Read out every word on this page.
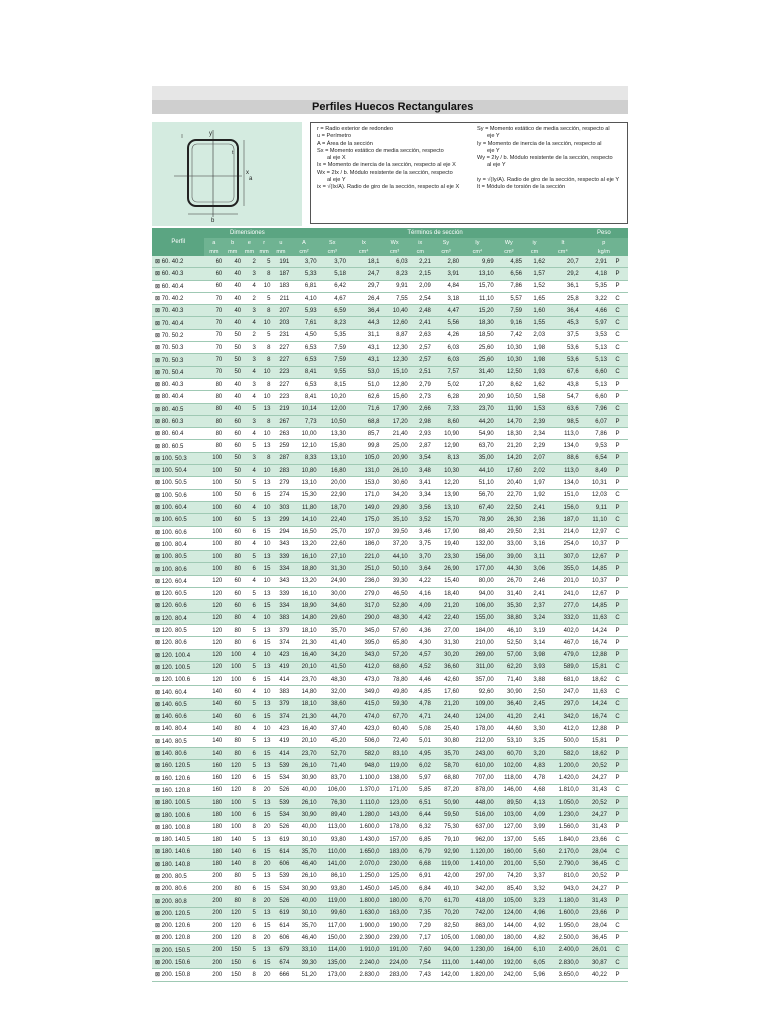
Perfiles Huecos Rectangulares
y
x
a
b
t
r
r = Radio exterior de redondeo
u = Perímetro
A = Área de la sección
Sx = Momento estático de media sección, respecto
al eje X
Ix = Momento de inercia de la sección, respecto al eje X
Wx = 2Ix / b. Módulo resistente de la sección, respecto
al eje Y
ix = √(Ix/A). Radio de giro de la sección, respecto al eje X
Sy = Momento estático de media sección, respecto al
eje Y
Iy = Momento de inercia de la sección, respecto al
eje Y
Wy = 2Iy / b. Módulo resistente de la sección, respecto
al eje Y

iy = √(Iy/A). Radio de giro de la sección, respecto al eje Y
It = Módulo de torsión de la sección
Perfil	Dimensiones					Términos de sección										Peso	
	a	b	e	r	u	A	Sx	Ix	Wx	ix	Sy	Iy	Wy	iy	It	p	
	mm	mm	mm	mm	mm	cm²	cm³	cm⁴	cm³	cm	cm³	cm⁴	cm³	cm	cm⁴	kg/m	
⊠ 60. 40.2	60	40	2	5	191	3,70	3,70	18,1	6,03	2,21	2,80	9,69	4,85	1,62	20,7	2,91	P
⊠ 60. 40.3	60	40	3	8	187	5,33	5,18	24,7	8,23	2,15	3,91	13,10	6,56	1,57	29,2	4,18	P
⊠ 60. 40.4	60	40	4	10	183	6,81	6,42	29,7	9,91	2,09	4,84	15,70	7,86	1,52	36,1	5,35	P
⊠ 70. 40.2	70	40	2	5	211	4,10	4,67	26,4	7,55	2,54	3,18	11,10	5,57	1,65	25,8	3,22	C
⊠ 70. 40.3	70	40	3	8	207	5,93	6,59	36,4	10,40	2,48	4,47	15,20	7,59	1,60	36,4	4,66	C
⊠ 70. 40.4	70	40	4	10	203	7,61	8,23	44,3	12,60	2,41	5,56	18,30	9,16	1,55	45,3	5,97	C
⊠ 70. 50.2	70	50	2	5	231	4,50	5,35	31,1	8,87	2,63	4,26	18,50	7,42	2,03	37,5	3,53	C
⊠ 70. 50.3	70	50	3	8	227	6,53	7,59	43,1	12,30	2,57	6,03	25,60	10,30	1,98	53,6	5,13	C
⊠ 70. 50.3	70	50	3	8	227	6,53	7,59	43,1	12,30	2,57	6,03	25,60	10,30	1,98	53,6	5,13	C
⊠ 70. 50.4	70	50	4	10	223	8,41	9,55	53,0	15,10	2,51	7,57	31,40	12,50	1,93	67,6	6,60	C
⊠ 80. 40.3	80	40	3	8	227	6,53	8,15	51,0	12,80	2,79	5,02	17,20	8,62	1,62	43,8	5,13	P
⊠ 80. 40.4	80	40	4	10	223	8,41	10,20	62,6	15,60	2,73	6,28	20,90	10,50	1,58	54,7	6,60	P
⊠ 80. 40.5	80	40	5	13	219	10,14	12,00	71,6	17,90	2,66	7,33	23,70	11,90	1,53	63,6	7,96	C
⊠ 80. 60.3	80	60	3	8	267	7,73	10,50	68,8	17,20	2,98	8,60	44,20	14,70	2,39	98,5	6,07	P
⊠ 80. 60.4	80	60	4	10	263	10,00	13,30	85,7	21,40	2,93	10,90	54,90	18,30	2,34	113,0	7,86	P
⊠ 80. 60.5	80	60	5	13	259	12,10	15,80	99,8	25,00	2,87	12,90	63,70	21,20	2,29	134,0	9,53	P
⊠ 100. 50.3	100	50	3	8	287	8,33	13,10	105,0	20,90	3,54	8,13	35,00	14,20	2,07	88,6	6,54	P
⊠ 100. 50.4	100	50	4	10	283	10,80	16,80	131,0	26,10	3,48	10,30	44,10	17,60	2,02	113,0	8,49	P
⊠ 100. 50.5	100	50	5	13	279	13,10	20,00	153,0	30,60	3,41	12,20	51,10	20,40	1,97	134,0	10,31	P
⊠ 100. 50.6	100	50	6	15	274	15,30	22,90	171,0	34,20	3,34	13,90	56,70	22,70	1,92	151,0	12,03	C
⊠ 100. 60.4	100	60	4	10	303	11,80	18,70	149,0	29,80	3,56	13,10	67,40	22,50	2,41	156,0	9,11	P
⊠ 100. 60.5	100	60	5	13	299	14,10	22,40	175,0	35,10	3,52	15,70	78,90	26,30	2,36	187,0	11,10	C
⊠ 100. 60.6	100	60	6	15	294	16,50	25,70	197,0	39,50	3,46	17,90	88,40	29,50	2,31	214,0	12,97	C
⊠ 100. 80.4	100	80	4	10	343	13,20	22,60	186,0	37,20	3,75	19,40	132,00	33,00	3,16	254,0	10,37	P
⊠ 100. 80.5	100	80	5	13	339	16,10	27,10	221,0	44,10	3,70	23,30	156,00	39,00	3,11	307,0	12,67	P
⊠ 100. 80.6	100	80	6	15	334	18,80	31,30	251,0	50,10	3,64	26,90	177,00	44,30	3,06	355,0	14,85	P
⊠ 120. 60.4	120	60	4	10	343	13,20	24,90	236,0	39,30	4,22	15,40	80,00	26,70	2,46	201,0	10,37	P
⊠ 120. 60.5	120	60	5	13	339	16,10	30,00	279,0	46,50	4,16	18,40	94,00	31,40	2,41	241,0	12,67	P
⊠ 120. 60.6	120	60	6	15	334	18,90	34,60	317,0	52,80	4,09	21,20	106,00	35,30	2,37	277,0	14,85	P
⊠ 120. 80.4	120	80	4	10	383	14,80	29,60	290,0	48,30	4,42	22,40	155,00	38,80	3,24	332,0	11,63	C
⊠ 120. 80.5	120	80	5	13	379	18,10	35,70	345,0	57,60	4,36	27,00	184,00	46,10	3,19	402,0	14,24	P
⊠ 120. 80.6	120	80	6	15	374	21,30	41,40	395,0	65,80	4,30	31,30	210,00	52,50	3,14	467,0	16,74	P
⊠ 120. 100.4	120	100	4	10	423	16,40	34,20	343,0	57,20	4,57	30,20	269,00	57,00	3,98	479,0	12,88	P
⊠ 120. 100.5	120	100	5	13	419	20,10	41,50	412,0	68,60	4,52	36,60	311,00	62,20	3,93	589,0	15,81	C
⊠ 120. 100.6	120	100	6	15	414	23,70	48,30	473,0	78,80	4,46	42,60	357,00	71,40	3,88	681,0	18,62	C
⊠ 140. 60.4	140	60	4	10	383	14,80	32,00	349,0	49,80	4,85	17,60	92,60	30,90	2,50	247,0	11,63	C
⊠ 140. 60.5	140	60	5	13	379	18,10	38,60	415,0	59,30	4,78	21,20	109,00	36,40	2,45	297,0	14,24	C
⊠ 140. 60.6	140	60	6	15	374	21,30	44,70	474,0	67,70	4,71	24,40	124,00	41,20	2,41	342,0	16,74	C
⊠ 140. 80.4	140	80	4	10	423	16,40	37,40	423,0	60,40	5,08	25,40	178,00	44,60	3,30	412,0	12,88	P
⊠ 140. 80.5	140	80	5	13	419	20,10	45,20	506,0	72,40	5,01	30,80	212,00	53,10	3,25	500,0	15,81	P
⊠ 140. 80.6	140	80	6	15	414	23,70	52,70	582,0	83,10	4,95	35,70	243,00	60,70	3,20	582,0	18,62	P
⊠ 160. 120.5	160	120	5	13	539	26,10	71,40	948,0	119,00	6,02	58,70	610,00	102,00	4,83	1.200,0	20,52	P
⊠ 160. 120.6	160	120	6	15	534	30,90	83,70	1.100,0	138,00	5,97	68,80	707,00	118,00	4,78	1.420,0	24,27	P
⊠ 160. 120.8	160	120	8	20	526	40,00	106,00	1.370,0	171,00	5,85	87,20	878,00	146,00	4,68	1.810,0	31,43	C
⊠ 180. 100.5	180	100	5	13	539	26,10	76,30	1.110,0	123,00	6,51	50,90	448,00	89,50	4,13	1.050,0	20,52	P
⊠ 180. 100.6	180	100	6	15	534	30,90	89,40	1.280,0	143,00	6,44	59,50	516,00	103,00	4,09	1.230,0	24,27	P
⊠ 180. 100.8	180	100	8	20	526	40,00	113,00	1.600,0	178,00	6,32	75,30	637,00	127,00	3,99	1.560,0	31,43	P
⊠ 180. 140.5	180	140	5	13	619	30,10	93,80	1.430,0	157,00	6,85	79,10	962,00	137,00	5,65	1.840,0	23,66	C
⊠ 180. 140.6	180	140	6	15	614	35,70	110,00	1.650,0	183,00	6,79	92,90	1.120,00	160,00	5,60	2.170,0	28,04	C
⊠ 180. 140.8	180	140	8	20	606	46,40	141,00	2.070,0	230,00	6,68	119,00	1.410,00	201,00	5,50	2.790,0	36,45	C
⊠ 200. 80.5	200	80	5	13	539	26,10	86,10	1.250,0	125,00	6,91	42,00	297,00	74,20	3,37	810,0	20,52	P
⊠ 200. 80.6	200	80	6	15	534	30,90	93,80	1.450,0	145,00	6,84	49,10	342,00	85,40	3,32	943,0	24,27	P
⊠ 200. 80.8	200	80	8	20	526	40,00	119,00	1.800,0	180,00	6,70	61,70	418,00	105,00	3,23	1.180,0	31,43	P
⊠ 200. 120.5	200	120	5	13	619	30,10	99,60	1.630,0	163,00	7,35	70,20	742,00	124,00	4,96	1.600,0	23,66	P
⊠ 200. 120.6	200	120	6	15	614	35,70	117,00	1.900,0	190,00	7,29	82,50	863,00	144,00	4,92	1.950,0	28,04	C
⊠ 200. 120.8	200	120	8	20	606	46,40	150,00	2.390,0	239,00	7,17	105,00	1.080,00	180,00	4,82	2.500,0	36,45	P
⊠ 200. 150.5	200	150	5	13	679	33,10	114,00	1.910,0	191,00	7,60	94,00	1.230,00	164,00	6,10	2.400,0	26,01	C
⊠ 200. 150.6	200	150	6	15	674	39,30	135,00	2.240,0	224,00	7,54	111,00	1.440,00	192,00	6,05	2.830,0	30,87	C
⊠ 200. 150.8	200	150	8	20	666	51,20	173,00	2.830,0	283,00	7,43	142,00	1.820,00	242,00	5,96	3.650,0	40,22	P
